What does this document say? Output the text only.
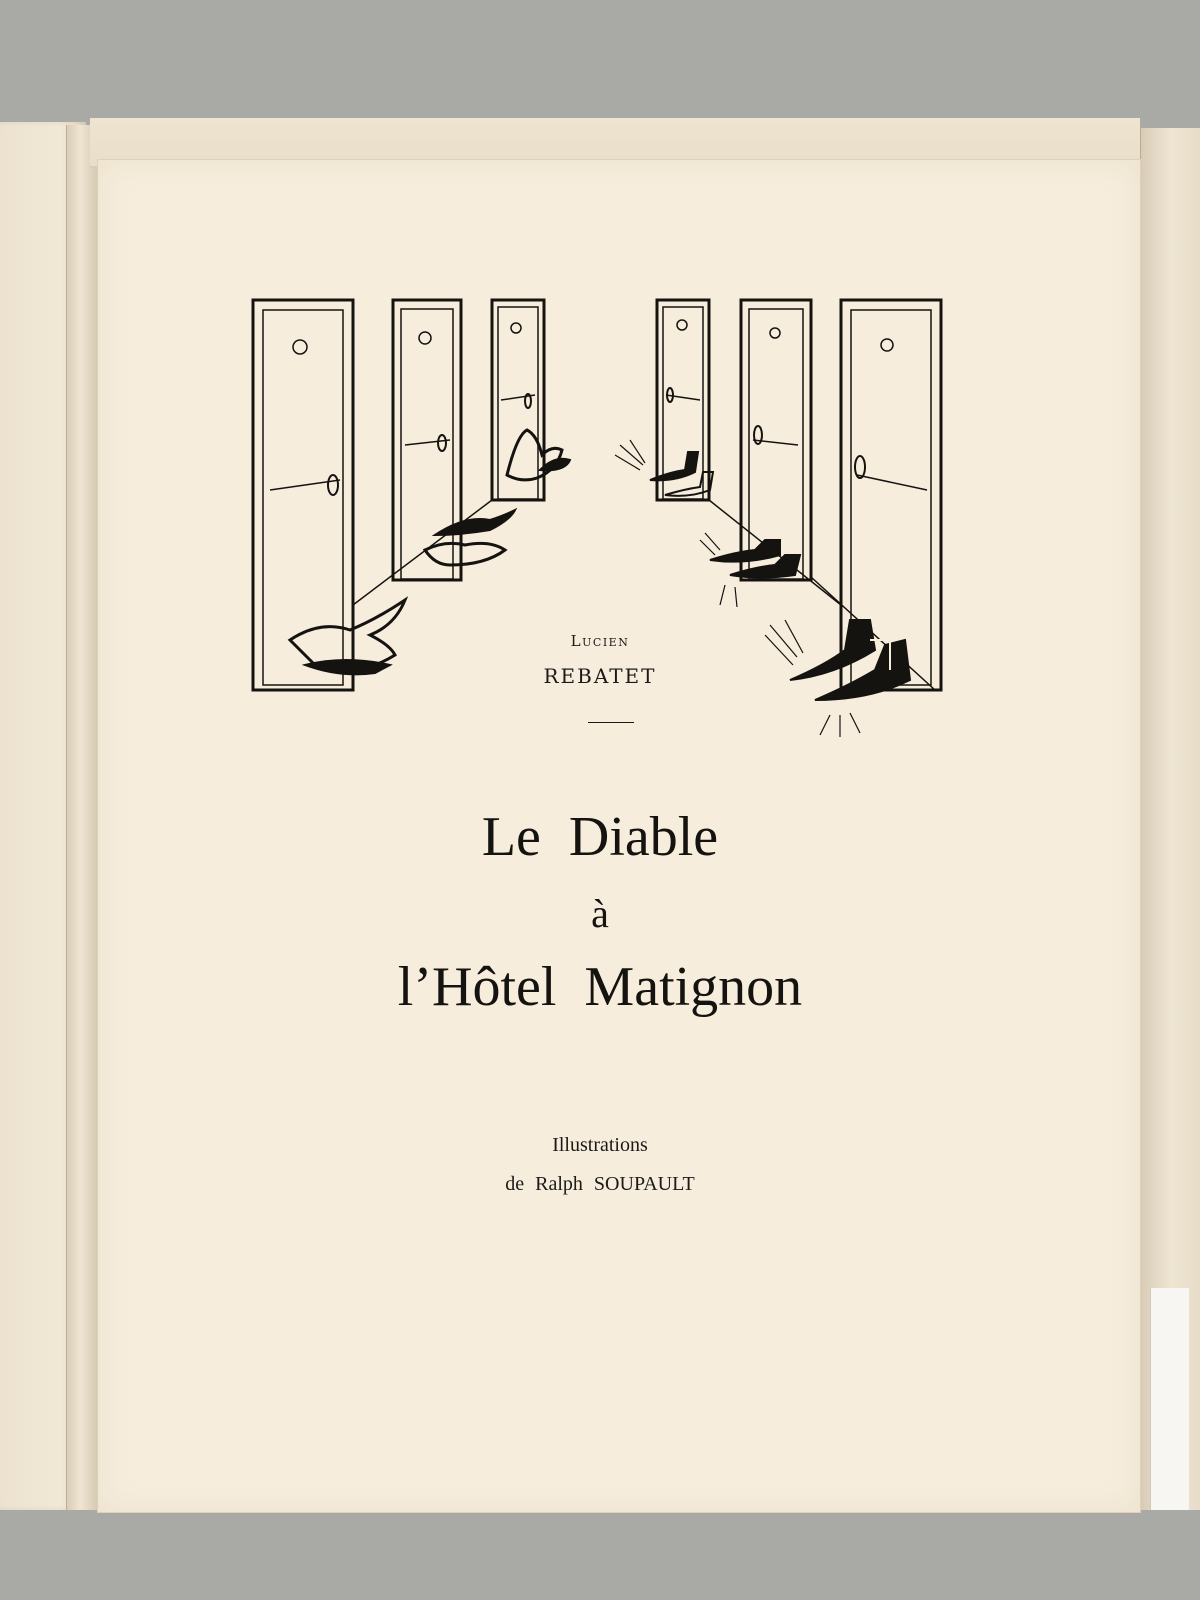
Lucien
REBATET
Le Diable
à
l’Hôtel Matignon
Illustrations
de Ralph SOUPAULT
